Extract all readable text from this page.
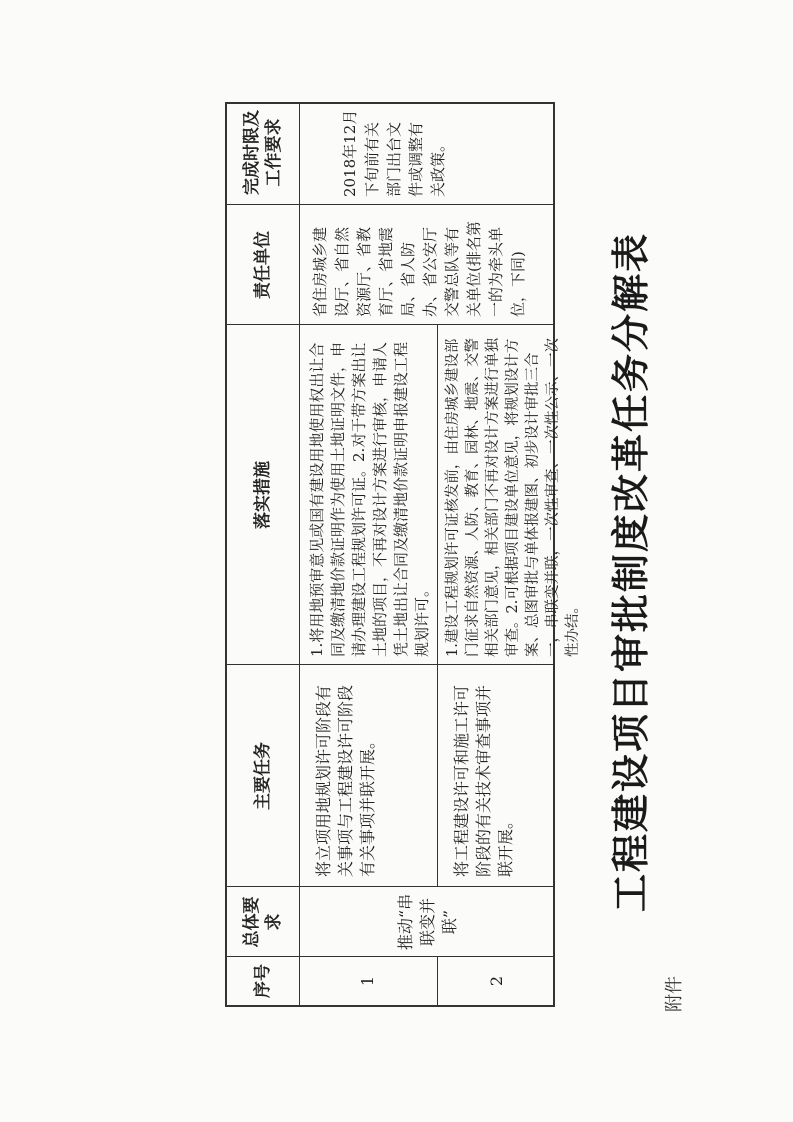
附件
工程建设项目审批制度改革任务分解表
序号
总体要求
主要任务
落实措施
责任单位
完成时限及工作要求
推动“串联变并联”
1
将立项用地规划许可阶段有关事项与工程建设许可阶段有关事项并联开展。
1.将用地预审意见或国有建设用地使用权出让合同及缴清地价款证明作为使用土地证明文件，申请办理建设工程规划许可证。2.对于带方案出让土地的项目，不再对设计方案进行审核，申请人凭土地出让合同及缴清地价款证明申报建设工程规划许可。
2
将工程建设许可和施工许可阶段的有关技术审查事项并联开展。
1.建设工程规划许可证核发前，由住房城乡建设部门征求自然资源、人防、教育、园林、地震、交警相关部门意见，相关部门不再对设计方案进行单独审查。2.可根据项目建设单位意见，将规划设计方案、总图审批与单体报建图、初步设计审批三合一，串联变并联，一次性审查、一次性公示、一次性办结。
省住房城乡建设厅、省自然资源厅、省教育厅、省地震局、省人防办、省公安厅交警总队等有关单位(排名第一的为牵头单位，下同)
2018年12月下旬前有关部门出台文件或调整有关政策。
